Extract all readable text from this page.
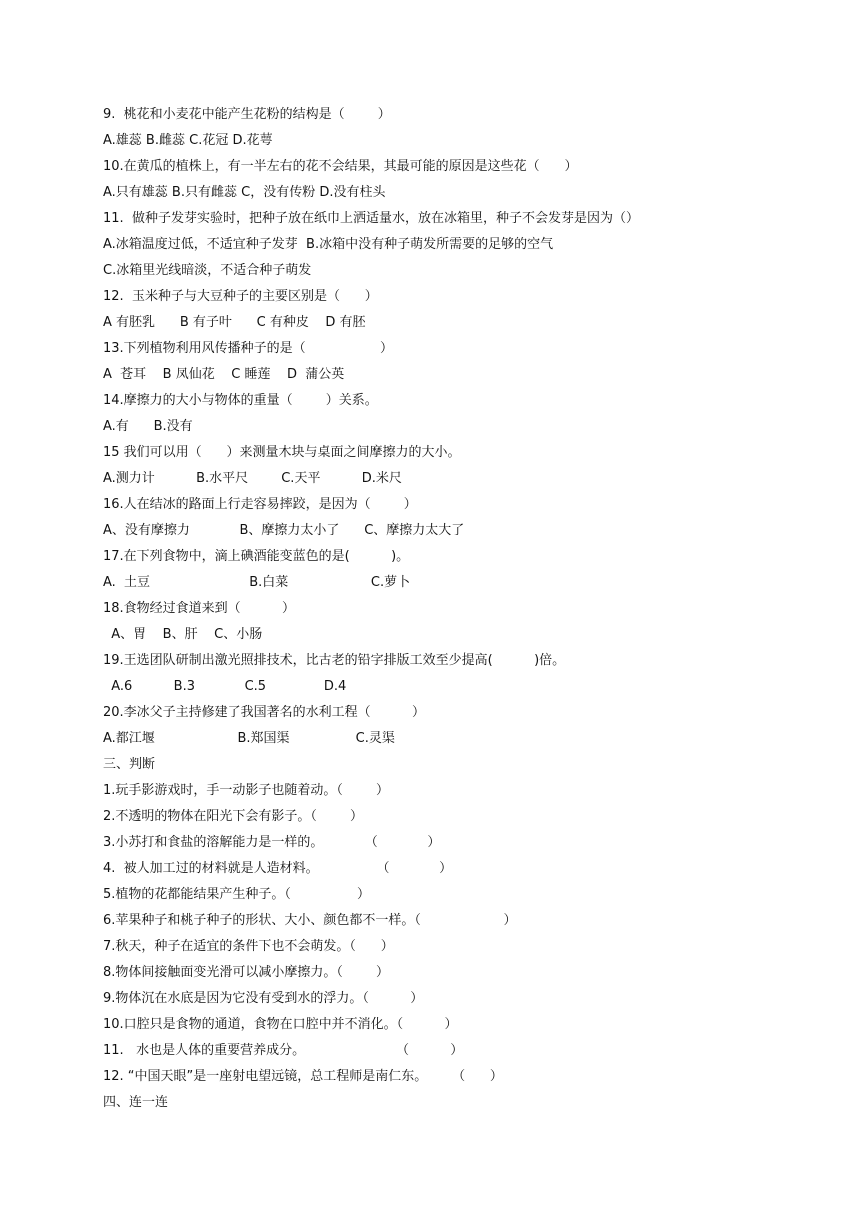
9.  桃花和小麦花中能产生花粉的结构是（        ）
A.雄蕊 B.雌蕊 C.花冠 D.花萼
10.在黄瓜的植株上，有一半左右的花不会结果，其最可能的原因是这些花（      ）
A.只有雄蕊 B.只有雌蕊 C，没有传粉 D.没有柱头
11.  做种子发芽实验时，把种子放在纸巾上洒适量水，放在冰箱里，种子不会发芽是因为（）
A.冰箱温度过低，不适宜种子发芽  B.冰箱中没有种子萌发所需要的足够的空气
C.冰箱里光线暗淡，不适合种子萌发
12.  玉米种子与大豆种子的主要区别是（      ）
A 有胚乳      B 有子叶      C 有种皮    D 有胚
13.下列植物利用风传播种子的是（                  ）
A  苍耳    B 凤仙花    C 睡莲    D  蒲公英
14.摩擦力的大小与物体的重量（        ）关系。
A.有      B.没有
15 我们可以用（      ）来测量木块与桌面之间摩擦力的大小。
A.测力计          B.水平尺        C.天平          D.米尺
16.人在结冰的路面上行走容易摔跤，是因为（        ）
A、没有摩擦力            B、摩擦力太小了      C、摩擦力太大了
17.在下列食物中，滴上碘酒能变蓝色的是(          )。
A.  土豆                        B.白菜                    C.萝卜
18.食物经过食道来到（          ）
A、胃    B、肝    C、小肠
19.王选团队研制出激光照排技术，比古老的铅字排版工效至少提高(          )倍。
A.6          B.3            C.5              D.4
20.李冰父子主持修建了我国著名的水利工程（          ）
A.都江堰                    B.郑国渠                C.灵渠
三、判断
1.玩手影游戏时，手一动影子也随着动。（        ）
2.不透明的物体在阳光下会有影子。（        ）
3.小苏打和食盐的溶解能力是一样的。          （            ）
4.  被人加工过的材料就是人造材料。              （            ）
5.植物的花都能结果产生种子。（                ）
6.苹果种子和桃子种子的形状、大小、颜色都不一样。（                    ）
7.秋天，种子在适宜的条件下也不会萌发。（      ）
8.物体间接触面变光滑可以减小摩擦力。（        ）
9.物体沉在水底是因为它没有受到水的浮力。（          ）
10.口腔只是食物的通道，食物在口腔中并不消化。（          ）
11.   水也是人体的重要营养成分。                      （          ）
12. “中国天眼”是一座射电望远镜，总工程师是南仁东。      （      ）
四、连一连
